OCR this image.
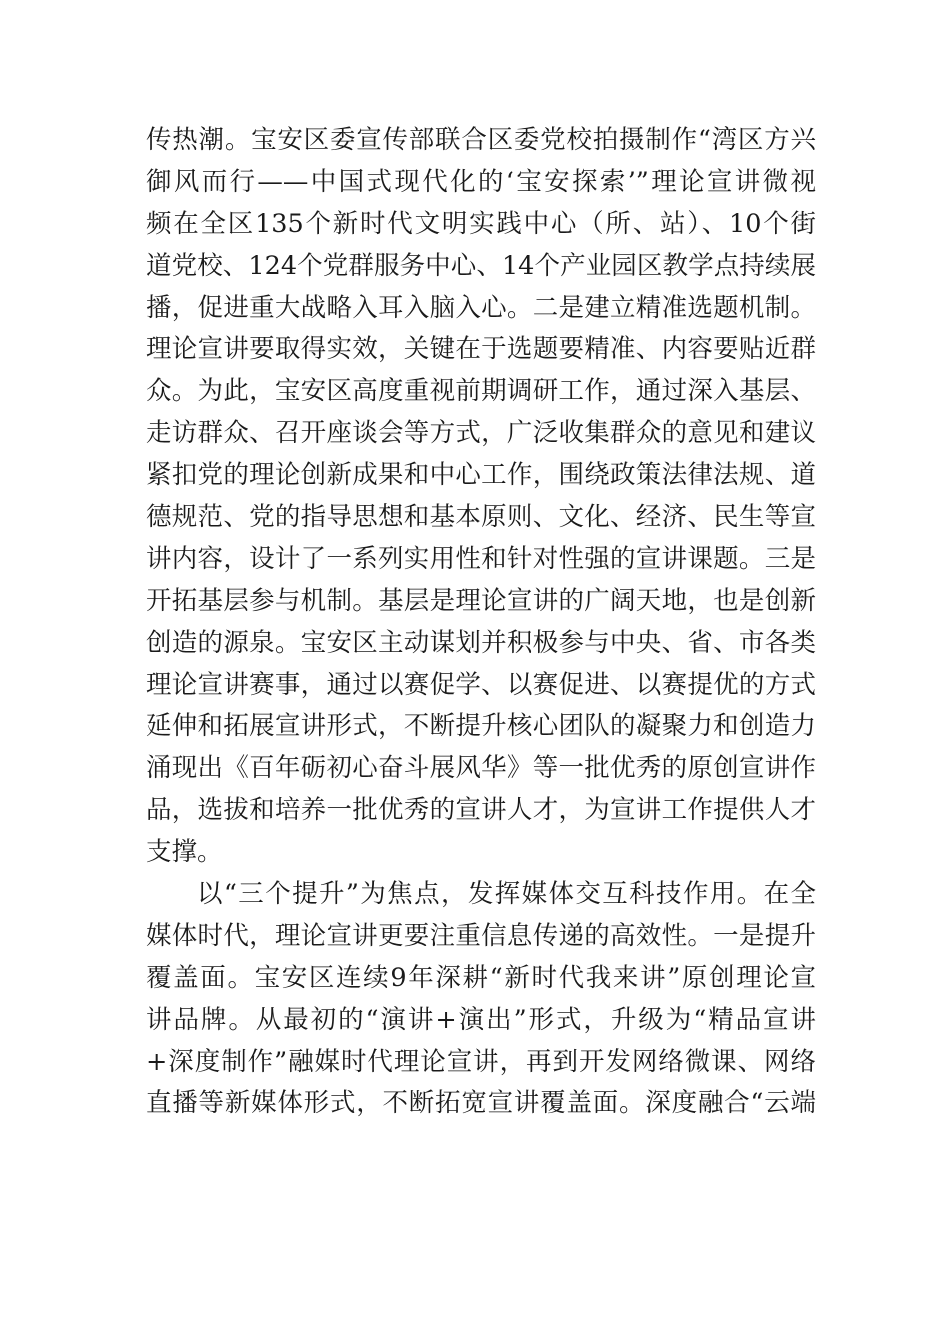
传热潮。宝安区委宣传部联合区委党校拍摄制作“湾区方兴
御风而行——中国式现代化的‘宝安探索’”理论宣讲微视
频在全区135个新时代文明实践中心（所、站）、10个街
道党校、124个党群服务中心、14个产业园区教学点持续展
播，促进重大战略入耳入脑入心。二是建立精准选题机制。
理论宣讲要取得实效，关键在于选题要精准、内容要贴近群
众。为此，宝安区高度重视前期调研工作，通过深入基层、
走访群众、召开座谈会等方式，广泛收集群众的意见和建议
紧扣党的理论创新成果和中心工作，围绕政策法律法规、道
德规范、党的指导思想和基本原则、文化、经济、民生等宣
讲内容，设计了一系列实用性和针对性强的宣讲课题。三是
开拓基层参与机制。基层是理论宣讲的广阔天地，也是创新
创造的源泉。宝安区主动谋划并积极参与中央、省、市各类
理论宣讲赛事，通过以赛促学、以赛促进、以赛提优的方式
延伸和拓展宣讲形式，不断提升核心团队的凝聚力和创造力
涌现出《百年砺初心奋斗展风华》等一批优秀的原创宣讲作
品，选拔和培养一批优秀的宣讲人才，为宣讲工作提供人才
支撑。
以“三个提升”为焦点，发挥媒体交互科技作用。在全
媒体时代，理论宣讲更要注重信息传递的高效性。一是提升
覆盖面。宝安区连续9年深耕“新时代我来讲”原创理论宣
讲品牌。从最初的“演讲+演出”形式，升级为“精品宣讲
+深度制作”融媒时代理论宣讲，再到开发网络微课、网络
直播等新媒体形式，不断拓宽宣讲覆盖面。深度融合“云端
